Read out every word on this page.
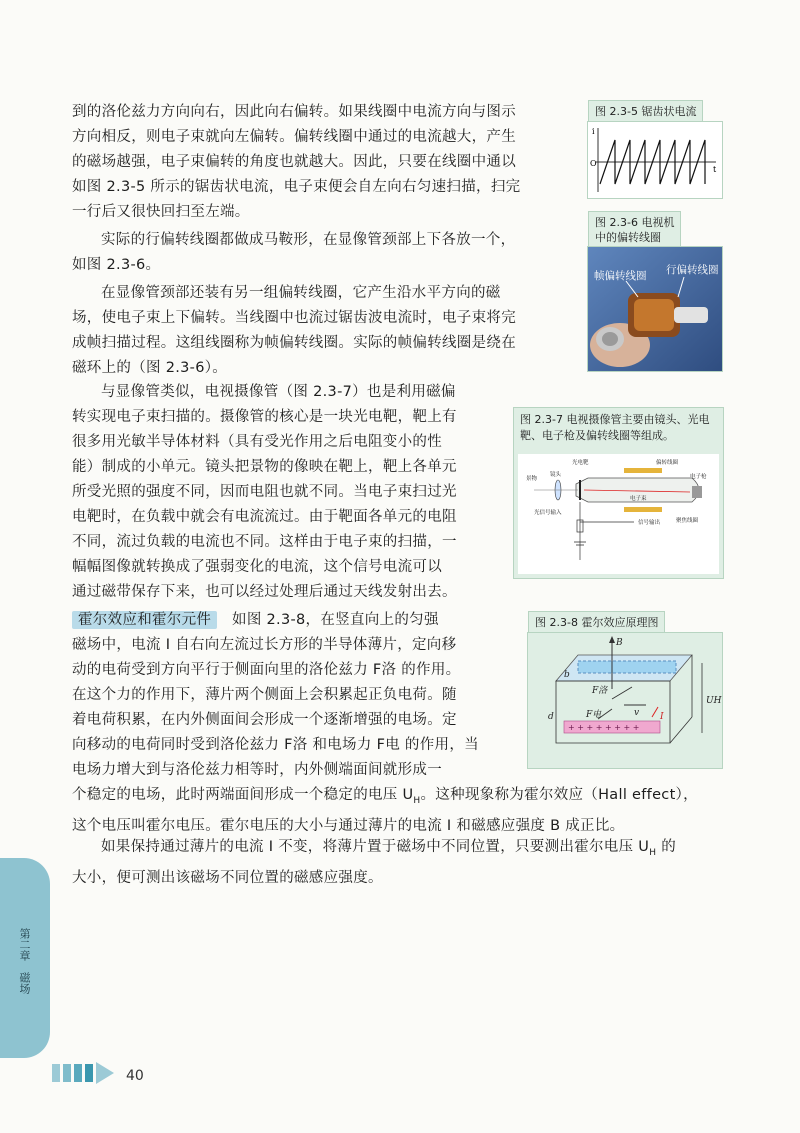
到的洛伦兹力方向向右，因此向右偏转。如果线圈中电流方向与图示
方向相反，则电子束就向左偏转。偏转线圈中通过的电流越大，产生
的磁场越强，电子束偏转的角度也就越大。因此，只要在线圈中通以
如图 2.3-5 所示的锯齿状电流，电子束便会自左向右匀速扫描，扫完
一行后又很快回扫至左端。
实际的行偏转线圈都做成马鞍形，在显像管颈部上下各放一个，
如图 2.3-6。
在显像管颈部还装有另一组偏转线圈，它产生沿水平方向的磁
场，使电子束上下偏转。当线圈中也流过锯齿波电流时，电子束将完
成帧扫描过程。这组线圈称为帧偏转线圈。实际的帧偏转线圈是绕在
磁环上的（图 2.3-6）。
与显像管类似，电视摄像管（图 2.3-7）也是利用磁偏
转实现电子束扫描的。摄像管的核心是一块光电靶，靶上有
很多用光敏半导体材料（具有受光作用之后电阻变小的性
能）制成的小单元。镜头把景物的像映在靶上，靶上各单元
所受光照的强度不同，因而电阻也就不同。当电子束扫过光
电靶时，在负载中就会有电流流过。由于靶面各单元的电阻
不同，流过负载的电流也不同。这样由于电子束的扫描，一
幅幅图像就转换成了强弱变化的电流，这个信号电流可以
通过磁带保存下来，也可以经过处理后通过天线发射出去。
霍尔效应和霍尔元件　 如图 2.3-8，在竖直向上的匀强
磁场中，电流 I 自右向左流过长方形的半导体薄片，定向移
动的电荷受到方向平行于侧面向里的洛伦兹力 F洛 的作用。
在这个力的作用下，薄片两个侧面上会积累起正负电荷。随
着电荷积累，在内外侧面间会形成一个逐渐增强的电场。定
向移动的电荷同时受到洛伦兹力 F洛 和电场力 F电 的作用，当
电场力增大到与洛伦兹力相等时，内外侧端面间就形成一
个稳定的电场，此时两端面间形成一个稳定的电压 $U_H$。这种现象称为霍尔效应（Hall effect），
这个电压叫霍尔电压。霍尔电压的大小与通过薄片的电流 I 和磁感应强度 B 成正比。
如果保持通过薄片的电流 I 不变，将薄片置于磁场中不同位置，只要测出霍尔电压 $U_H$ 的
大小，便可测出该磁场不同位置的磁感应强度。
图 2.3-5 锯齿状电流
i
O
t
图 2.3-6 电视机
中的偏转线圈
行偏转线圈
帧偏转线圈
图 2.3-7 电视摄像管主要由镜头、光电靶、电子枪及偏转线圈等组成。
光电靶
景物
镜头
偏转线圈
电子枪
电子束
光信号输入
聚焦线圈
信号输出
图 2.3-8 霍尔效应原理图
B
F洛
F电	v I
UH
b
d
+ + + + + + + +
第二章　磁场
40
